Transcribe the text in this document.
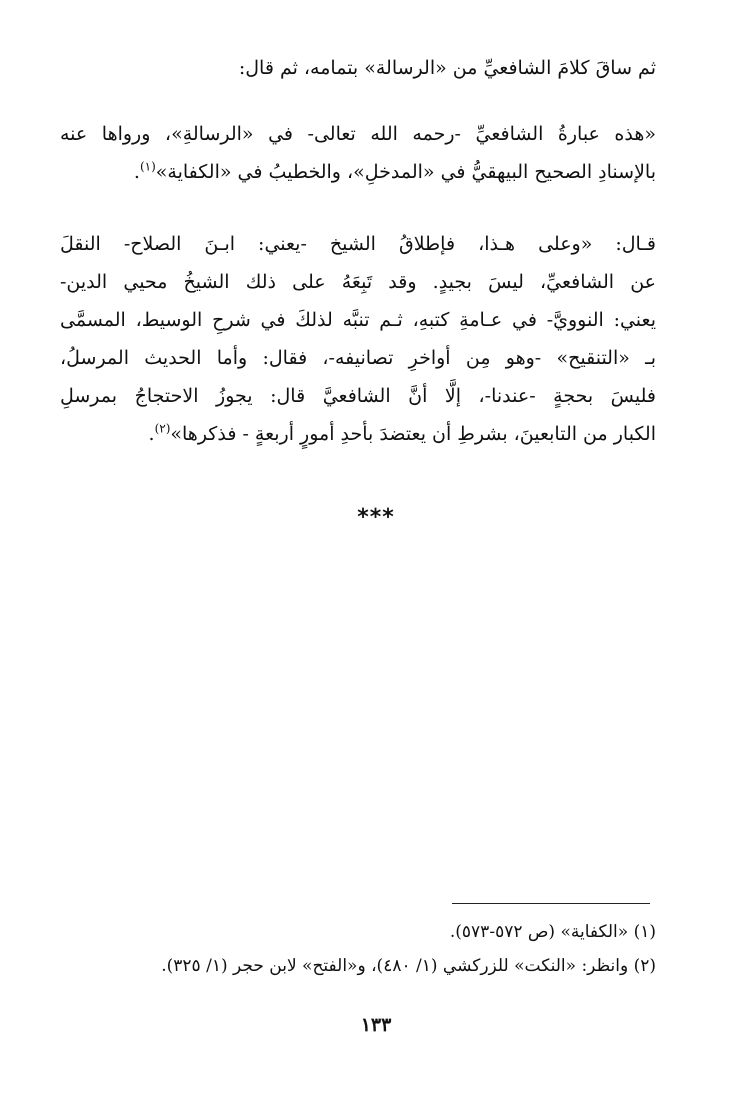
ثم ساقَ كلامَ الشافعيِّ من «الرسالة» بتمامه، ثم قال:
«هذه عبارةُ الشافعيِّ -رحمه الله تعالى- في «الرسالةِ»، ورواها عنه
بالإسنادِ الصحيح البيهقيُّ في «المدخلِ»، والخطيبُ في «الكفاية»$^{(١)}$.
قـال: «وعلى هـذا، فإطلاقُ الشيخ -يعني: ابـنَ الصلاح- النقلَ
عن الشافعيِّ، ليسَ بجيدٍ. وقد تَبِعَهُ على ذلك الشيخُ محيي الدين-
يعني: النوويَّ- في عـامةِ كتبهِ، ثـم تنبَّه لذلكَ في شرحِ الوسيط، المسمَّى
بـ «التنقيح» -وهو مِن أواخرِ تصانيفه-، فقال: وأما الحديث المرسلُ،
فليسَ بحجةٍ -عندنا-، إلَّا أنَّ الشافعيَّ قال: يجوزُ الاحتجاجُ بمرسلِ
الكبار من التابعينَ، بشرطِ أن يعتضدَ بأحدِ أمورٍ أربعةٍ - فذكرها»$^{(٢)}$.
***
(١) «الكفاية» (ص ٥٧٢-٥٧٣).
(٢) وانظر: «النكت» للزركشي (١/ ٤٨٠)، و«الفتح» لابن حجر (١/ ٣٢٥).
١٣٣
